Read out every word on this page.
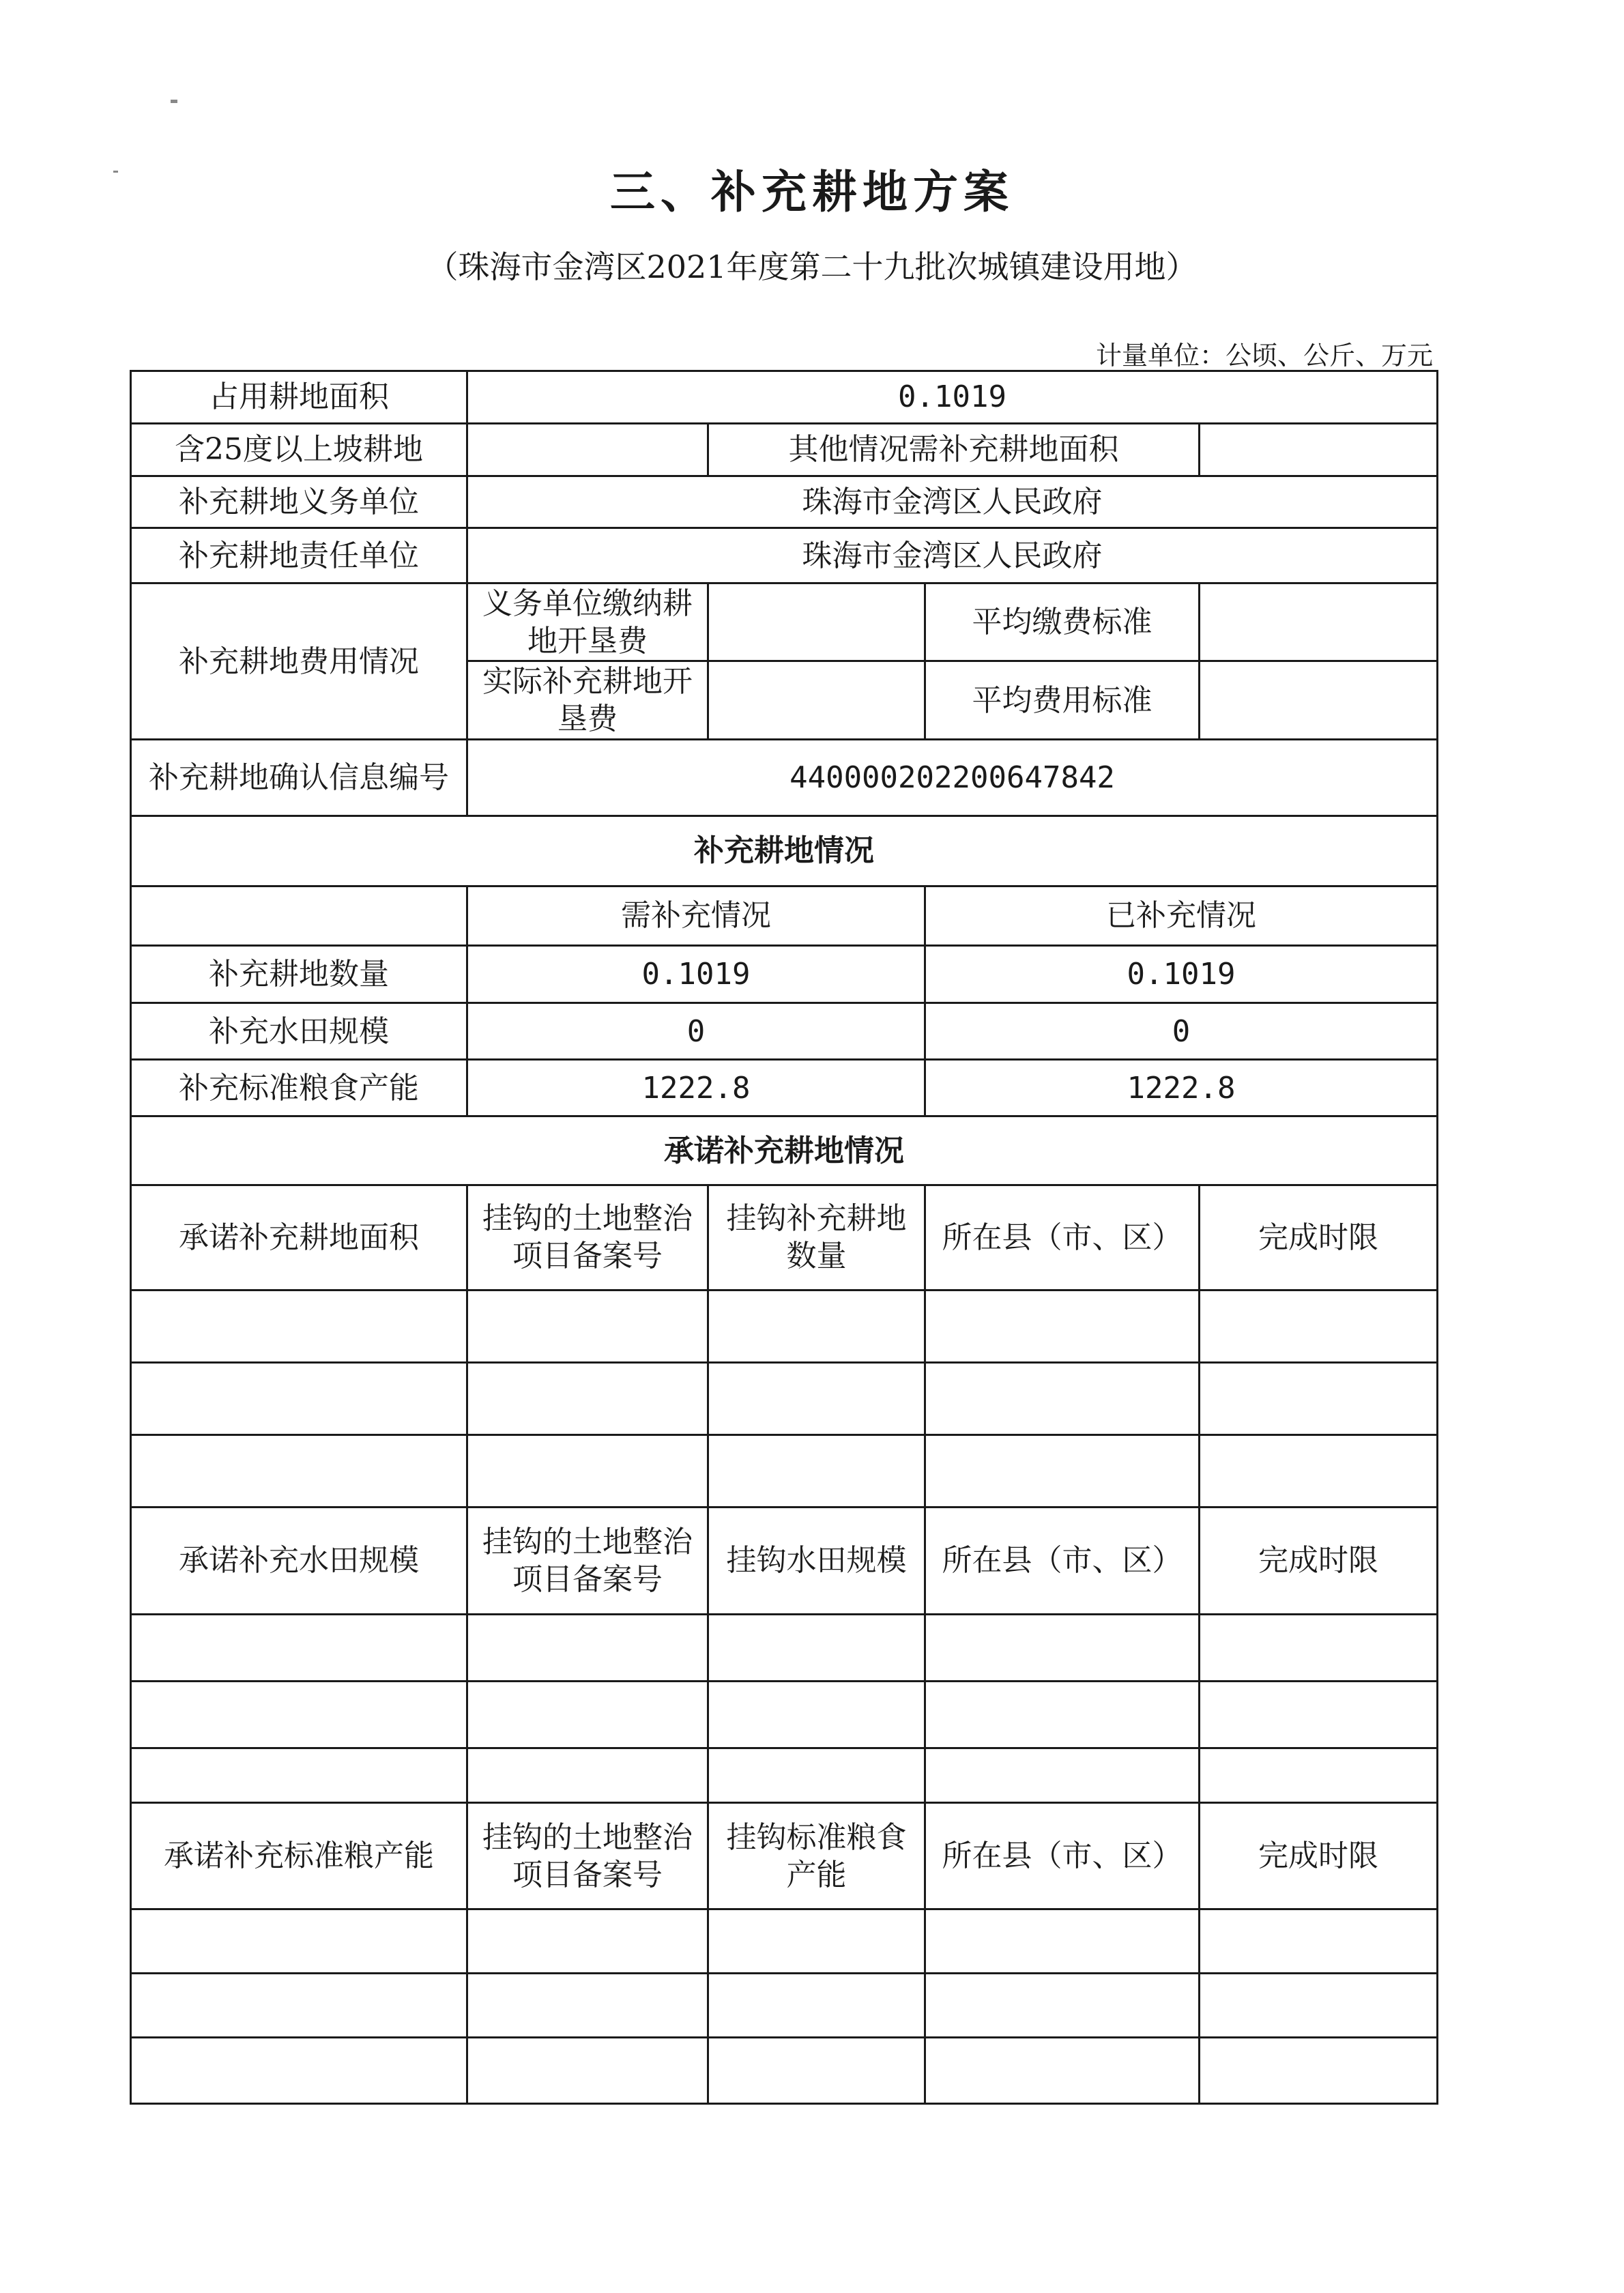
三、补充耕地方案
（珠海市金湾区2021年度第二十九批次城镇建设用地）
计量单位：公顷、公斤、万元
占用耕地面积	0.1019			
含25度以上坡耕地		其他情况需补充耕地面积		
补充耕地义务单位	珠海市金湾区人民政府			
补充耕地责任单位	珠海市金湾区人民政府			
补充耕地费用情况	义务单位缴纳耕地开垦费		平均缴费标准	
	实际补充耕地开垦费		平均费用标准	
补充耕地确认信息编号	440000202200647842			
补充耕地情况				
	需补充情况		已补充情况	
补充耕地数量	0.1019		0.1019	
补充水田规模	0		0	
补充标准粮食产能	1222.8		1222.8	
承诺补充耕地情况				
承诺补充耕地面积	挂钩的土地整治项目备案号	挂钩补充耕地数量	所在县（市、区）	完成时限

承诺补充水田规模	挂钩的土地整治项目备案号	挂钩水田规模	所在县（市、区）	完成时限

承诺补充标准粮产能	挂钩的土地整治项目备案号	挂钩标准粮食产能	所在县（市、区）	完成时限
